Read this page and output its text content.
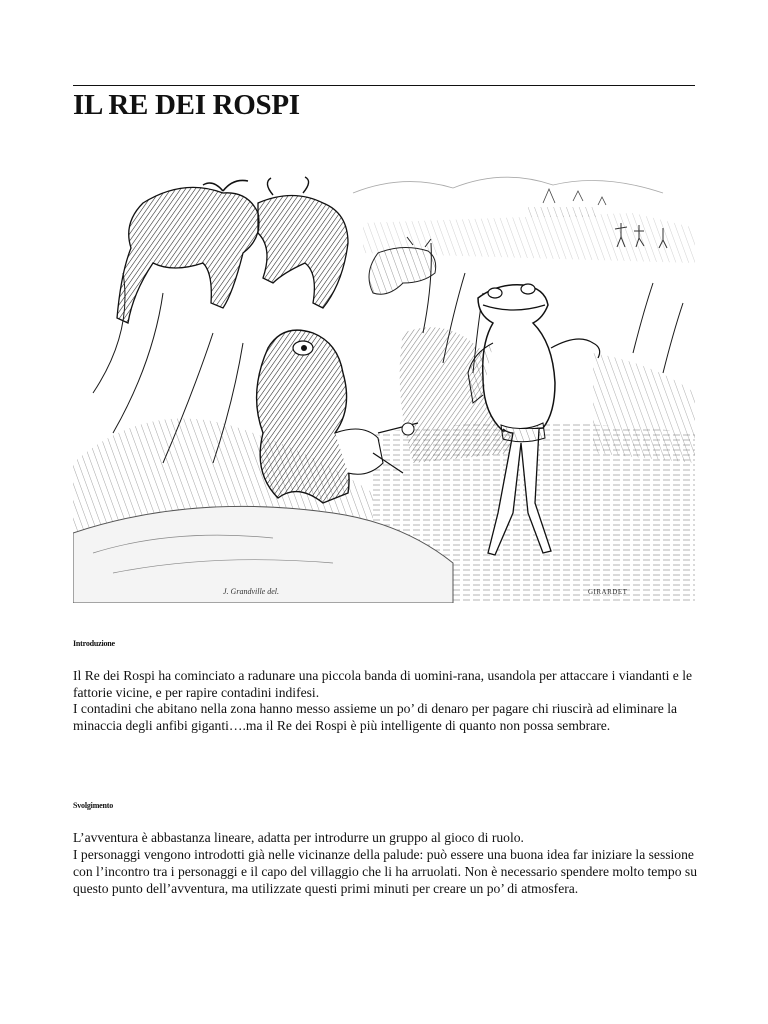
IL RE DEI ROSPI
J. Grandville del.	GIRARDET
Introduzione

Il Re dei Rospi ha cominciato a radunare una piccola banda di uomini-rana, usandola per attaccare i viandanti e le fattorie vicine, e per rapire contadini indifesi.

I contadini che abitano nella zona hanno messo assieme un po’ di denaro per pagare chi riuscirà ad eliminare la minaccia degli anfibi giganti….ma il Re dei Rospi è più intelligente di quanto non possa sembrare.

Svolgimento

L’avventura è abbastanza lineare, adatta per introdurre un gruppo al gioco di ruolo.

I personaggi vengono introdotti già nelle vicinanze della palude: può essere una buona idea far iniziare la sessione con l’incontro tra i personaggi e il capo del villaggio che li ha arruolati. Non è necessario spendere molto tempo su questo punto dell’avventura, ma utilizzate questi primi minuti per creare un po’ di atmosfera.
